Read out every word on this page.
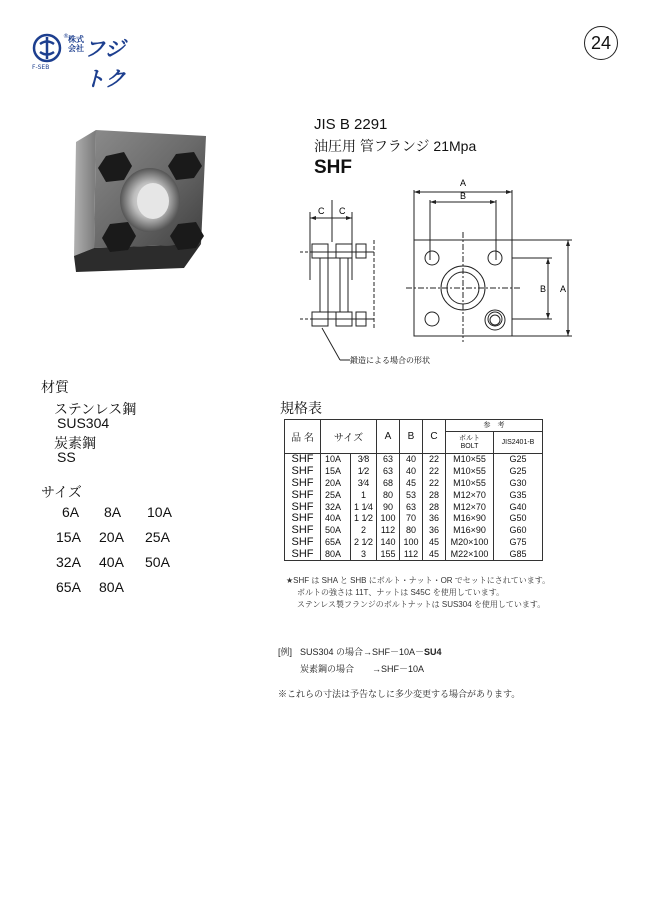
® 株式会社 フジトク
F-SEB
24
JIS B 2291
油圧用 管フランジ 21Mpa
SHF
A
B
C C
B A
鍛造による場合の形状
材質
ステンレス鋼
SUS304
炭素鋼
SS
サイズ
6A 8A 10A
15A 20A 25A
32A 40A 50A
65A 80A
規格表
品 名	サイズ		A	B	C	参　考	
						ボルト
BOLT	JIS2401-B
SHF	10A	3⁄8	63	40	22	M10×55	G25
SHF	15A	1⁄2	63	40	22	M10×55	G25
SHF	20A	3⁄4	68	45	22	M10×55	G30
SHF	25A	1	80	53	28	M12×70	G35
SHF	32A	1 1⁄4	90	63	28	M12×70	G40
SHF	40A	1 1⁄2	100	70	36	M16×90	G50
SHF	50A	2	112	80	36	M16×90	G60
SHF	65A	2 1⁄2	140	100	45	M20×100	G75
SHF	80A	3	155	112	45	M22×100	G85
★SHF は SHA と SHB にボルト・ナット・OR でセットにされています。
ボルトの強さは 11T、ナットは S45C を使用しています。
ステンレス製フランジのボルトナットは SUS304 を使用しています。
[例] SUS304 の場合→SHF－10A－SU4
炭素鋼の場合　　→SHF－10A
※これらの寸法は予告なしに多少変更する場合があります。
